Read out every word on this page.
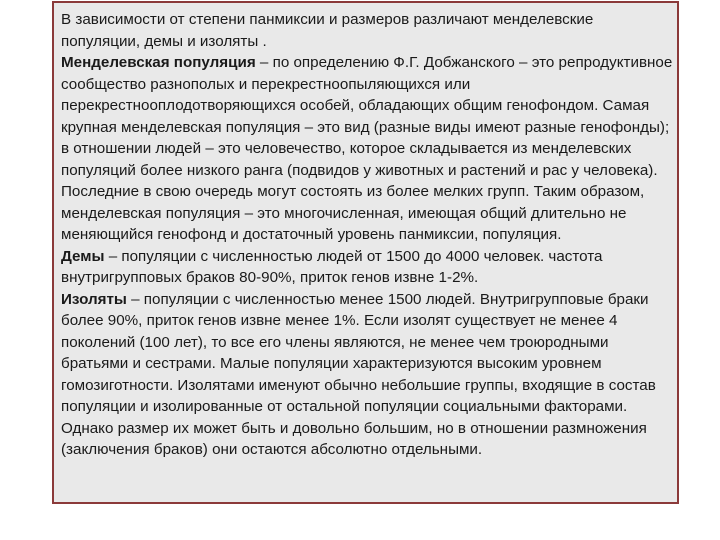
В зависимости от степени панмиксии и размеров различают менделевские популяции, демы и изоляты .

Менделевская популяция – по определению Ф.Г. Добжанского – это репродуктивное сообщество разнополых и перекрестноопыляющихся или перекрестнооплодотворяющихся особей, обладающих общим генофондом. Самая крупная менделевская популяция – это вид (разные виды имеют разные генофонды); в отношении людей – это человечество, которое складывается из менделевских популяций более низкого ранга (подвидов у животных и растений и рас у человека). Последние в свою очередь могут состоять из более мелких групп. Таким образом, менделевская популяция – это многочисленная, имеющая общий длительно не меняющийся генофонд и достаточный уровень панмиксии, популяция.

Демы – популяции с численностью людей от 1500 до 4000 человек. частота внутригрупповых браков 80-90%, приток генов извне 1-2%.

Изоляты – популяции с численностью менее 1500 людей. Внутригрупповые браки более 90%, приток генов извне менее 1%. Если изолят существует не менее 4 поколений (100 лет), то все его члены являются, не менее чем троюродными братьями и сестрами. Малые популяции характеризуются высоким уровнем гомозиготности. Изолятами именуют обычно небольшие группы, входящие в состав популяции и изолированные от остальной популяции социальными факторами. Однако размер их может быть и довольно большим, но в отношении размножения (заключения браков) они остаются абсолютно отдельными.
